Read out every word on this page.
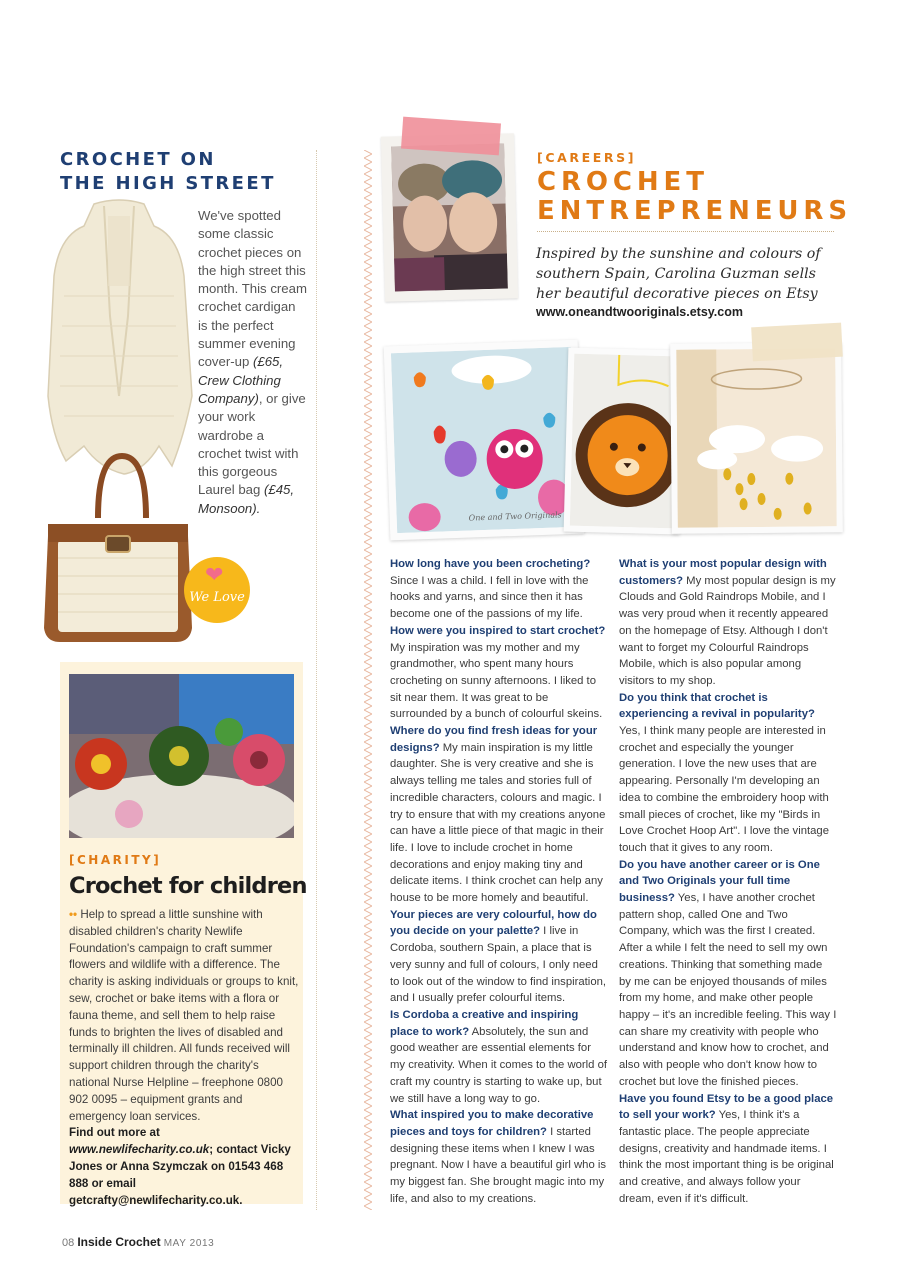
CROCHET ON
THE HIGH STREET
We've spotted some classic crochet pieces on the high street this month. This cream crochet cardigan is the perfect summer evening cover-up (£65, Crew Clothing Company), or give your work wardrobe a crochet twist with this gorgeous Laurel bag (£45, Monsoon).
❤
We Love
[CHARITY]
Crochet for children
•• Help to spread a little sunshine with disabled children's charity Newlife Foundation's campaign to craft summer flowers and wildlife with a difference. The charity is asking individuals or groups to knit, sew, crochet or bake items with a flora or fauna theme, and sell them to help raise funds to brighten the lives of disabled and terminally ill children. All funds received will support children through the charity's national Nurse Helpline – freephone 0800 902 0095 – equipment grants and emergency loan services.
Find out more at www.newlifecharity.co.uk; contact Vicky Jones or Anna Szymczak on 01543 468 888 or email getcrafty@newlifecharity.co.uk.
[CAREERS]
CROCHET
ENTREPRENEURS
Inspired by the sunshine and colours of southern Spain, Carolina Guzman sells her beautiful decorative pieces on Etsy
www.oneandtwooriginals.etsy.com
One and Two Originals

How long have you been crocheting? Since I was a child. I fell in love with the hooks and yarns, and since then it has become one of the passions of my life.

How were you inspired to start crochet? My inspiration was my mother and my grandmother, who spent many hours crocheting on sunny afternoons. I liked to sit near them. It was great to be surrounded by a bunch of colourful skeins.

Where do you find fresh ideas for your designs? My main inspiration is my little daughter. She is very creative and she is always telling me tales and stories full of incredible characters, colours and magic. I try to ensure that with my creations anyone can have a little piece of that magic in their life. I love to include crochet in home decorations and enjoy making tiny and delicate items. I think crochet can help any house to be more homely and beautiful.

Your pieces are very colourful, how do you decide on your palette? I live in Cordoba, southern Spain, a place that is very sunny and full of colours, I only need to look out of the window to find inspiration, and I usually prefer colourful items.

Is Cordoba a creative and inspiring place to work? Absolutely, the sun and good weather are essential elements for my creativity. When it comes to the world of craft my country is starting to wake up, but we still have a long way to go.

What inspired you to make decorative pieces and toys for children? I started designing these items when I knew I was pregnant. Now I have a beautiful girl who is my biggest fan. She brought magic into my life, and also to my creations.

What is your most popular design with customers? My most popular design is my Clouds and Gold Raindrops Mobile, and I was very proud when it recently appeared on the homepage of Etsy. Although I don't want to forget my Colourful Raindrops Mobile, which is also popular among visitors to my shop.

Do you think that crochet is experiencing a revival in popularity? Yes, I think many people are interested in crochet and especially the younger generation. I love the new uses that are appearing. Personally I'm developing an idea to combine the embroidery hoop with small pieces of crochet, like my "Birds in Love Crochet Hoop Art". I love the vintage touch that it gives to any room.

Do you have another career or is One and Two Originals your full time business? Yes, I have another crochet pattern shop, called One and Two Company, which was the first I created. After a while I felt the need to sell my own creations. Thinking that something made by me can be enjoyed thousands of miles from my home, and make other people happy – it's an incredible feeling. This way I can share my creativity with people who understand and know how to crochet, and also with people who don't know how to crochet but love the finished pieces.

Have you found Etsy to be a good place to sell your work? Yes, I think it's a fantastic place. The people appreciate designs, creativity and handmade items. I think the most important thing is be original and creative, and always follow your dream, even if it's difficult.

08 Inside Crochet MAY 2013
